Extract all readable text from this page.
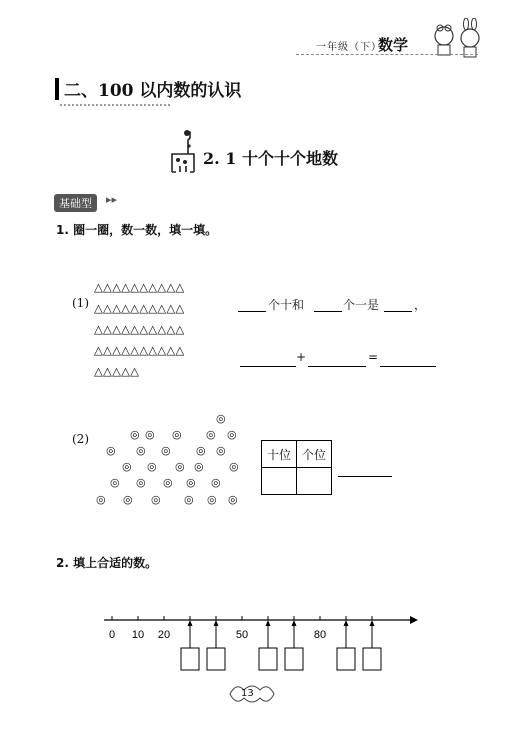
一年级（下）
数学
二、100 以内数的认识
2. 1 十个十个地数
基础型	▸▸
1. 圈一圈，数一数，填一填。
(1)
△△△△△△△△△△
△△△△△△△△△△
△△△△△△△△△△
△△△△△△△△△△
△△△△△
个十和	个一是	，
+	=
(2)	◎ ◎ ◎ ◎ ◎
◎ ◎ ◎ ◎ ◎
◎ ◎ ◎ ◎ ◎
◎ ◎ ◎ ◎ ◎
◎ ◎ ◎ ◎ ◎ ◎
◎
十位	个位

2. 填上合适的数。
0 10 20	50	80
13
